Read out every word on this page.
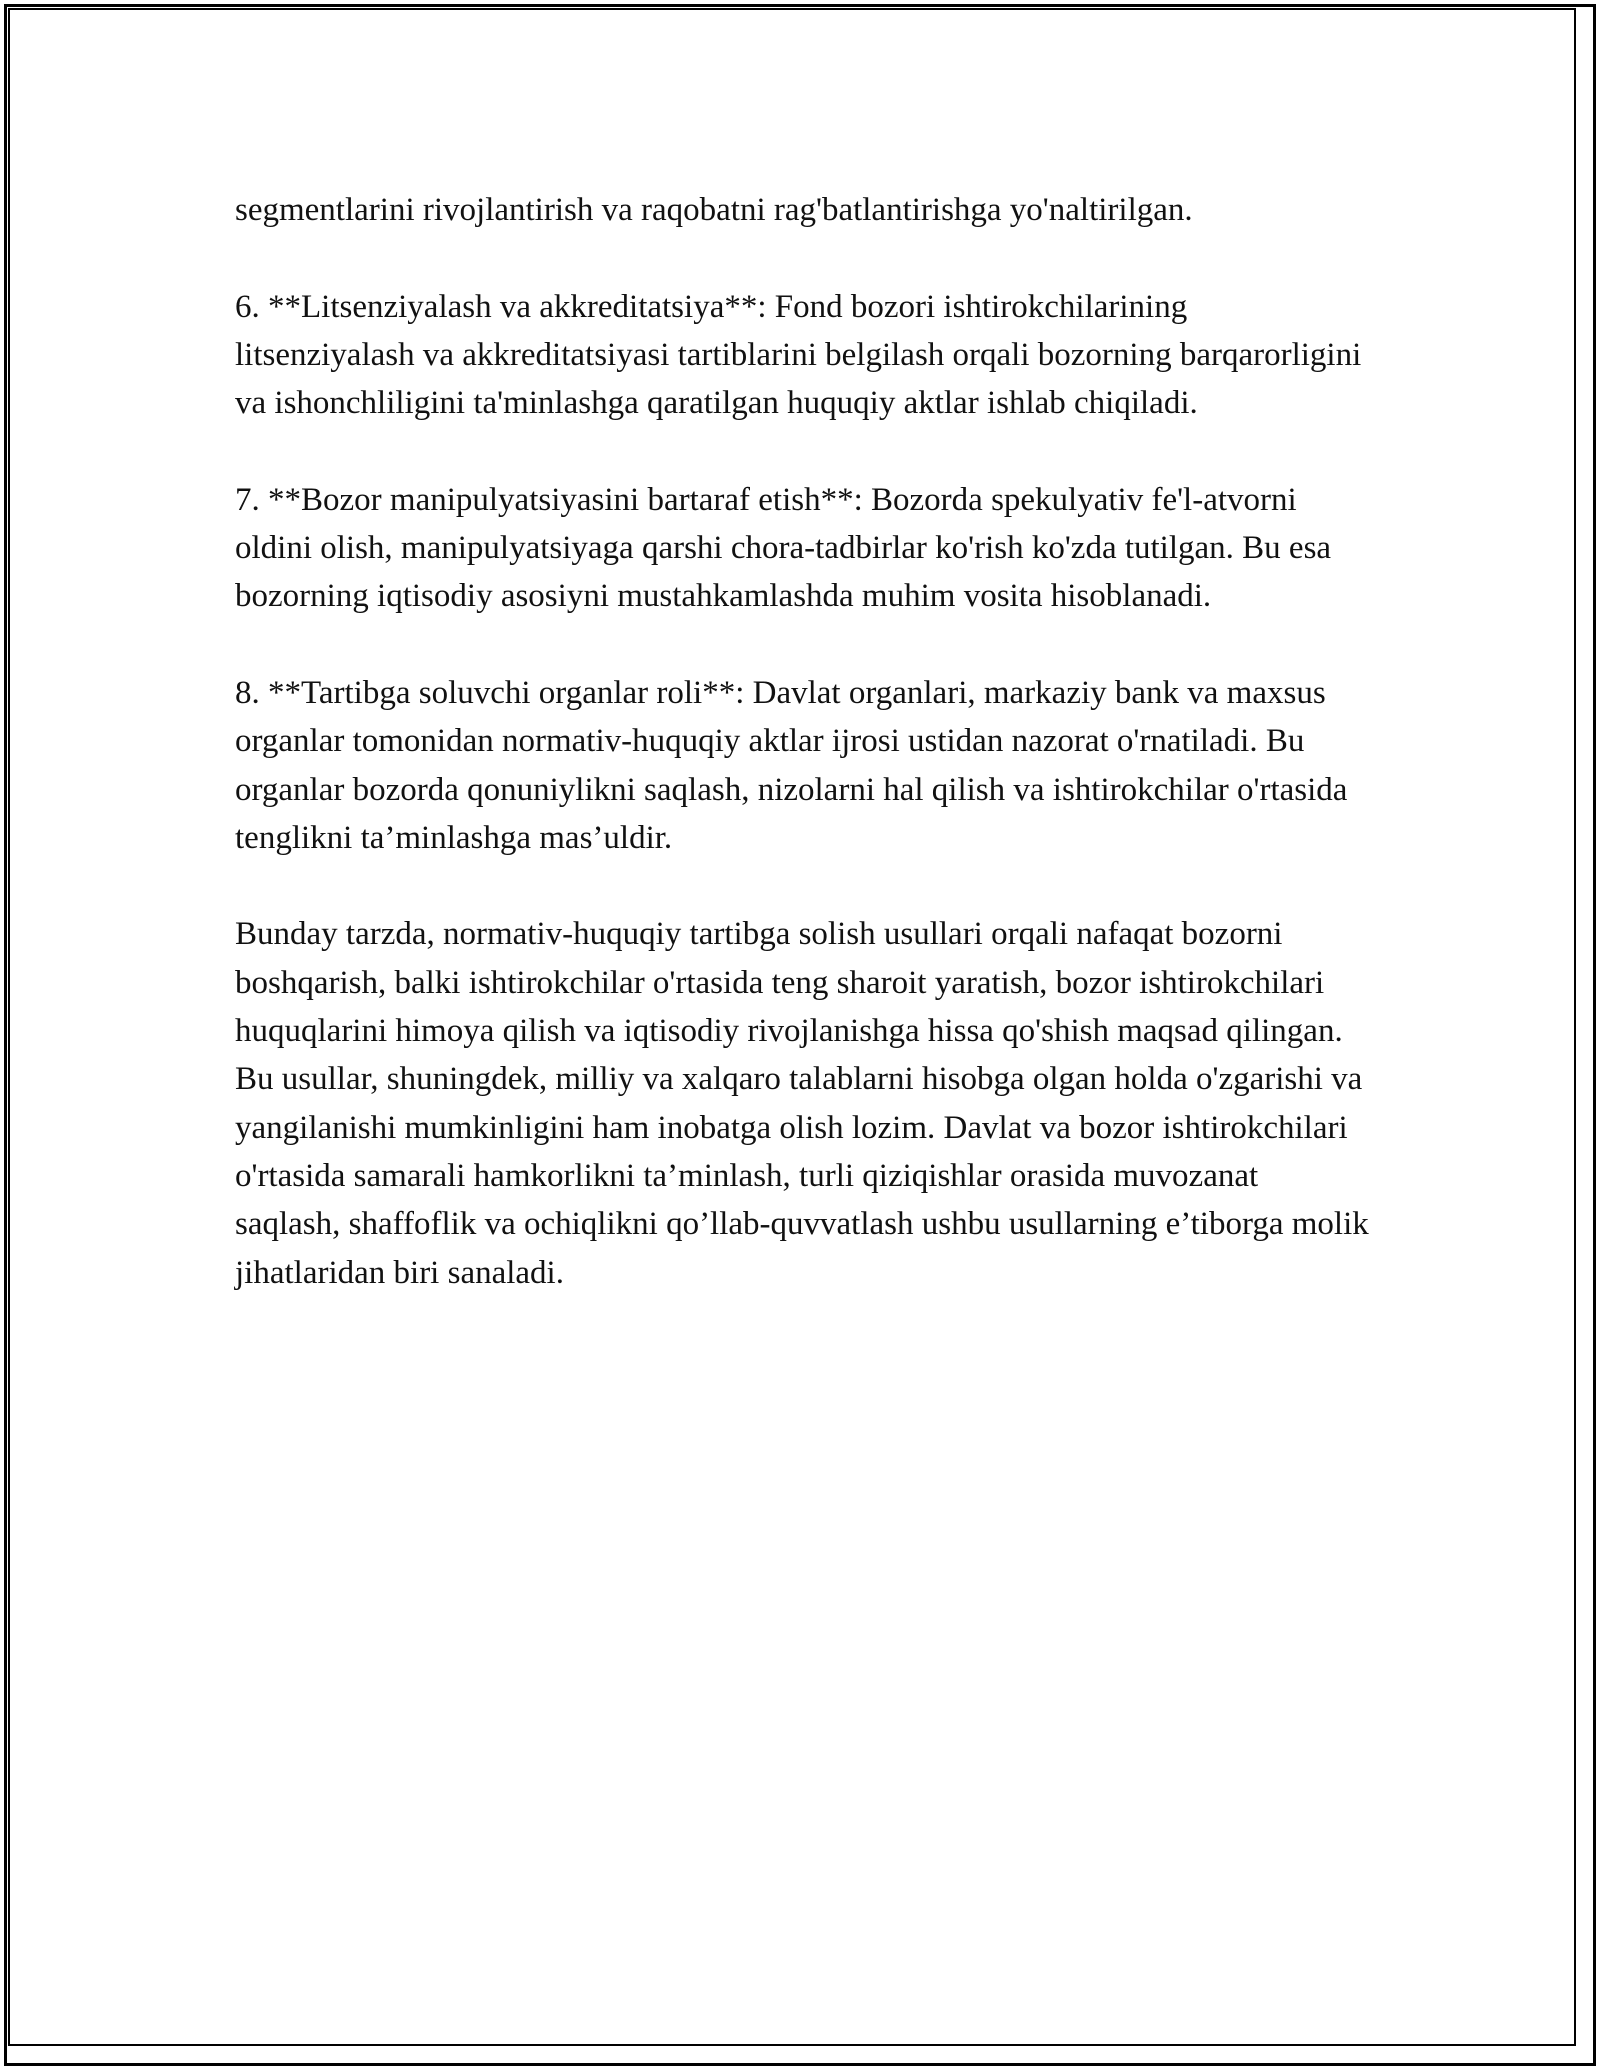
segmentlarini rivojlantirish va raqobatni rag'batlantirishga yo'naltirilgan.

6. **Litsenziyalash va akkreditatsiya**: Fond bozori ishtirokchilarining litsenziyalash va akkreditatsiyasi tartiblarini belgilash orqali bozorning barqarorligini va ishonchliligini ta'minlashga qaratilgan huquqiy aktlar ishlab chiqiladi.

7. **Bozor manipulyatsiyasini bartaraf etish**: Bozorda spekulyativ fe'l-atvorni oldini olish, manipulyatsiyaga qarshi chora-tadbirlar ko'rish ko'zda tutilgan. Bu esa bozorning iqtisodiy asosiyni mustahkamlashda muhim vosita hisoblanadi.

8. **Tartibga soluvchi organlar roli**: Davlat organlari, markaziy bank va maxsus organlar tomonidan normativ-huquqiy aktlar ijrosi ustidan nazorat o'rnatiladi. Bu organlar bozorda qonuniylikni saqlash, nizolarni hal qilish va ishtirokchilar o'rtasida tenglikni ta’minlashga mas’uldir.

Bunday tarzda, normativ-huquqiy tartibga solish usullari orqali nafaqat bozorni boshqarish, balki ishtirokchilar o'rtasida teng sharoit yaratish, bozor ishtirokchilari huquqlarini himoya qilish va iqtisodiy rivojlanishga hissa qo'shish maqsad qilingan. Bu usullar, shuningdek, milliy va xalqaro talablarni hisobga olgan holda o'zgarishi va yangilanishi mumkinligini ham inobatga olish lozim. Davlat va bozor ishtirokchilari o'rtasida samarali hamkorlikni ta’minlash, turli qiziqishlar orasida muvozanat saqlash, shaffoflik va ochiqlikni qo’llab-quvvatlash ushbu usullarning e’tiborga molik jihatlaridan biri sanaladi.
